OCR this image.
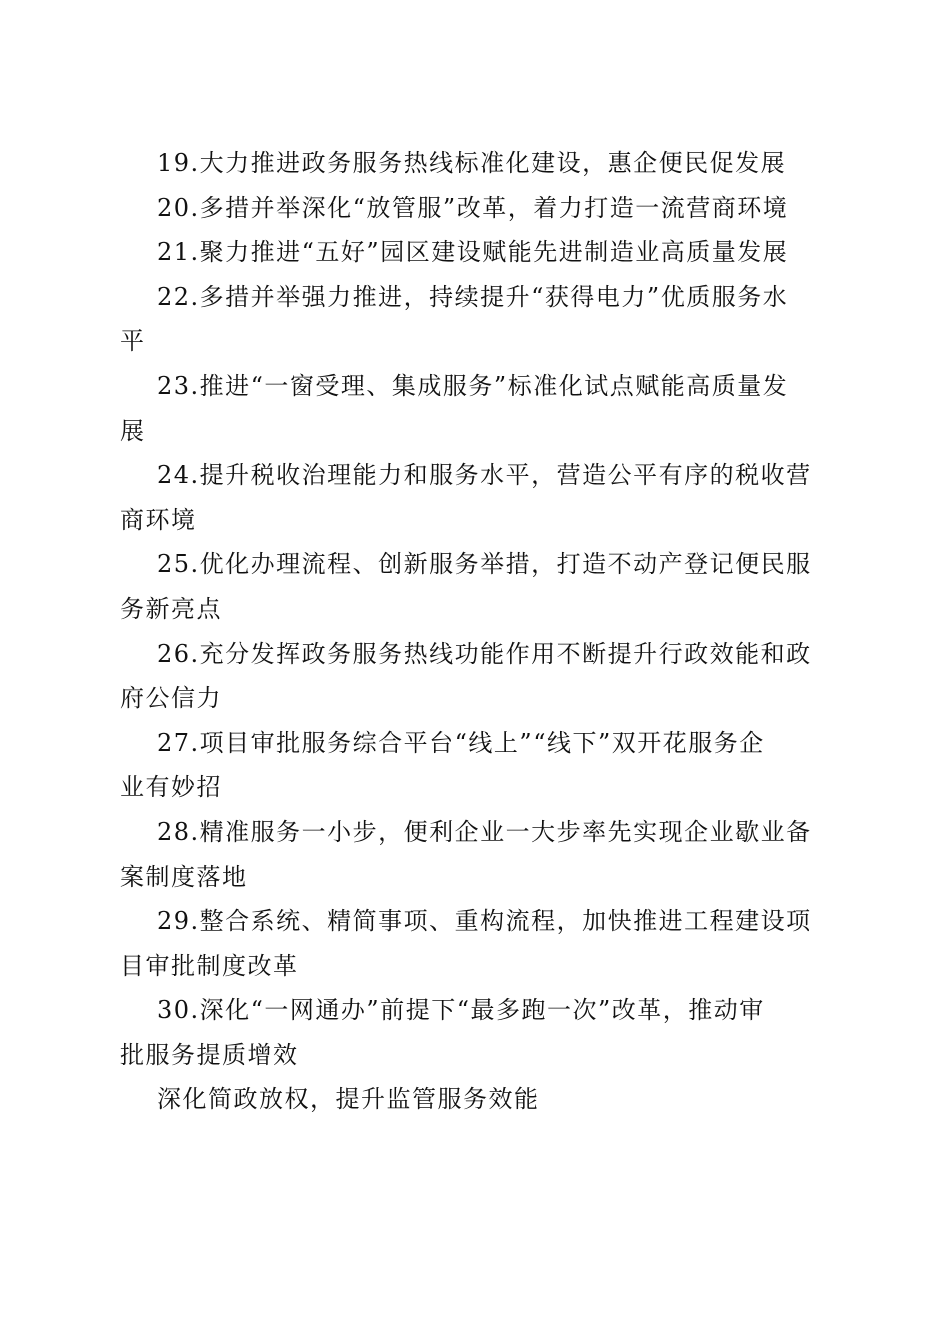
19.大力推进政务服务热线标准化建设，惠企便民促发展
20.多措并举深化“放管服”改革，着力打造一流营商环境
21.聚力推进“五好”园区建设赋能先进制造业高质量发展
22.多措并举强力推进，持续提升“获得电力”优质服务水
平
23.推进“一窗受理、集成服务”标准化试点赋能高质量发
展
24.提升税收治理能力和服务水平，营造公平有序的税收营
商环境
25.优化办理流程、创新服务举措，打造不动产登记便民服
务新亮点
26.充分发挥政务服务热线功能作用不断提升行政效能和政
府公信力
27.项目审批服务综合平台“线上”“线下”双开花服务企
业有妙招
28.精准服务一小步，便利企业一大步率先实现企业歇业备
案制度落地
29.整合系统、精简事项、重构流程，加快推进工程建设项
目审批制度改革
30.深化“一网通办”前提下“最多跑一次”改革，推动审
批服务提质增效
深化简政放权，提升监管服务效能
